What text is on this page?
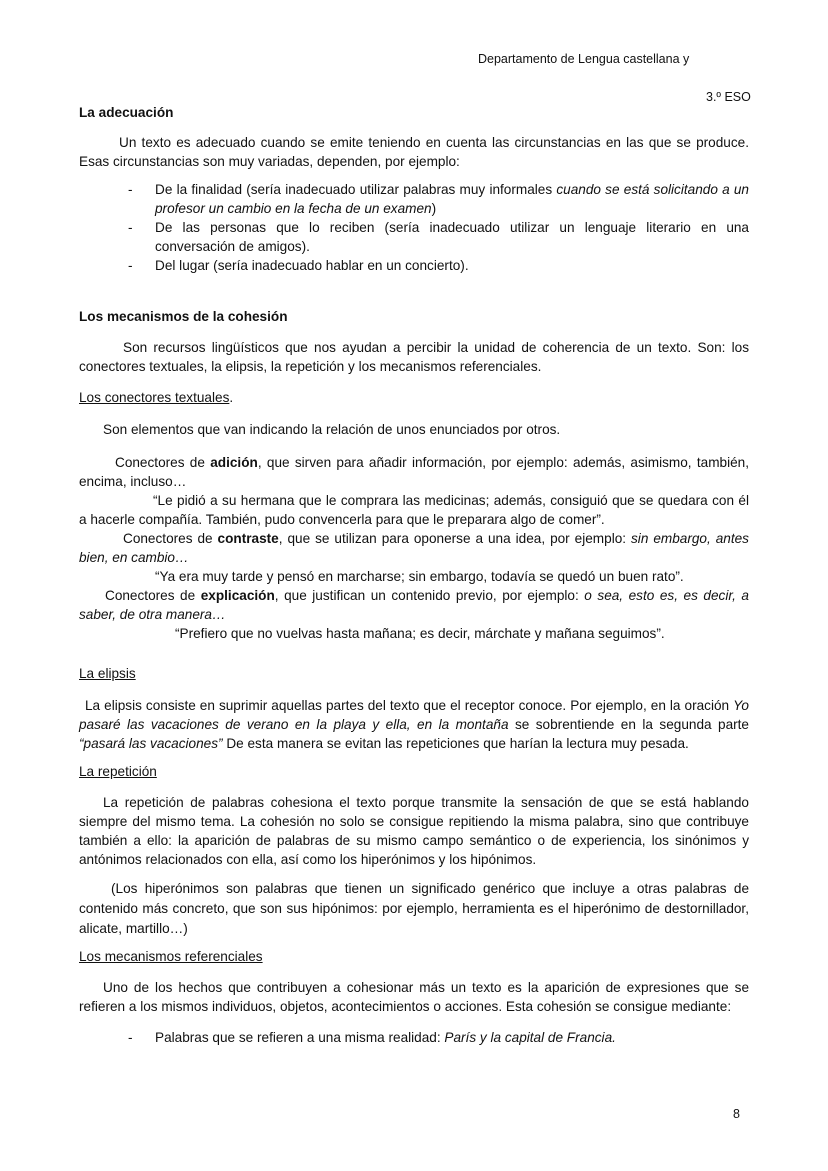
Departamento de Lengua castellana y
3.º ESO

La adecuación

Un texto es adecuado cuando se emite teniendo en cuenta las circunstancias en las que se produce. Esas circunstancias son muy variadas, dependen, por ejemplo:

- De la finalidad (sería inadecuado utilizar palabras muy informales cuando se está solicitando a un profesor un cambio en la fecha de un examen)
- De las personas que lo reciben (sería inadecuado utilizar un lenguaje literario en una conversación de amigos).
- Del lugar (sería inadecuado hablar en un concierto).

Los mecanismos de la cohesión

Son recursos lingüísticos que nos ayudan a percibir la unidad de coherencia de un texto. Son: los conectores textuales, la elipsis, la repetición y los mecanismos referenciales.

Los conectores textuales.

Son elementos que van indicando la relación de unos enunciados por otros.

Conectores de adición, que sirven para añadir información, por ejemplo: además, asimismo, también, encima, incluso…

“Le pidió a su hermana que le comprara las medicinas; además, consiguió que se quedara con él a hacerle compañía. También, pudo convencerla para que le preparara algo de comer”.

Conectores de contraste, que se utilizan para oponerse a una idea, por ejemplo: sin embargo, antes bien, en cambio…

“Ya era muy tarde y pensó en marcharse; sin embargo, todavía se quedó un buen rato”.

Conectores de explicación, que justifican un contenido previo, por ejemplo: o sea, esto es, es decir, a saber, de otra manera…

“Prefiero que no vuelvas hasta mañana; es decir, márchate y mañana seguimos”.

La elipsis

La elipsis consiste en suprimir aquellas partes del texto que el receptor conoce. Por ejemplo, en la oración Yo pasaré las vacaciones de verano en la playa y ella, en la montaña se sobrentiende en la segunda parte “pasará las vacaciones” De esta manera se evitan las repeticiones que harían la lectura muy pesada.

La repetición

La repetición de palabras cohesiona el texto porque transmite la sensación de que se está hablando siempre del mismo tema. La cohesión no solo se consigue repitiendo la misma palabra, sino que contribuye también a ello: la aparición de palabras de su mismo campo semántico o de experiencia, los sinónimos y antónimos relacionados con ella, así como los hiperónimos y los hipónimos.

(Los hiperónimos son palabras que tienen un significado genérico que incluye a otras palabras de contenido más concreto, que son sus hipónimos: por ejemplo, herramienta es el hiperónimo de destornillador, alicate, martillo…)

Los mecanismos referenciales

Uno de los hechos que contribuyen a cohesionar más un texto es la aparición de expresiones que se refieren a los mismos individuos, objetos, acontecimientos o acciones. Esta cohesión se consigue mediante:

- Palabras que se refieren a una misma realidad: París y la capital de Francia.
8
